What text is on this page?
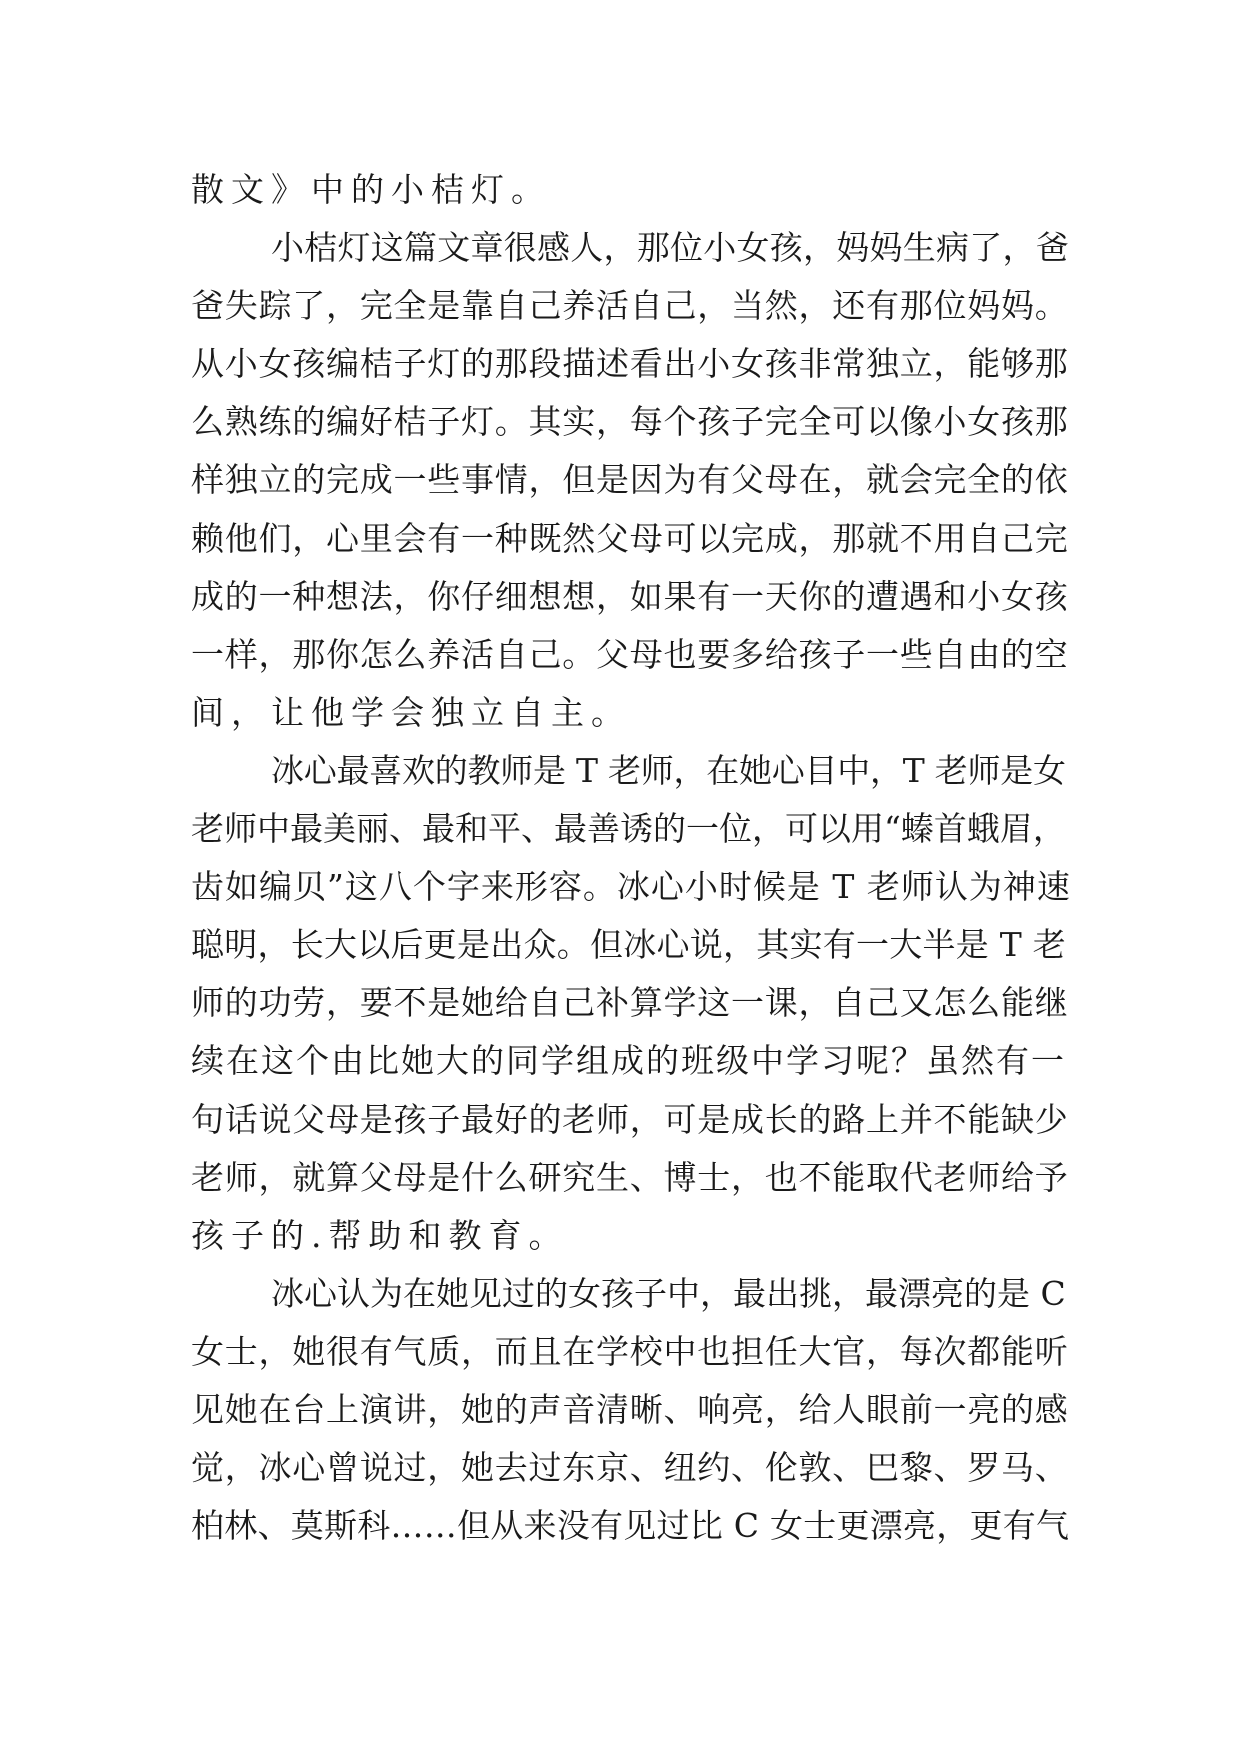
散文》中的小桔灯。
小桔灯这篇文章很感人，那位小女孩，妈妈生病了，爸
爸失踪了，完全是靠自己养活自己，当然，还有那位妈妈。
从小女孩编桔子灯的那段描述看出小女孩非常独立，能够那
么熟练的编好桔子灯。其实，每个孩子完全可以像小女孩那
样独立的完成一些事情，但是因为有父母在，就会完全的依
赖他们，心里会有一种既然父母可以完成，那就不用自己完
成的一种想法，你仔细想想，如果有一天你的遭遇和小女孩
一样，那你怎么养活自己。父母也要多给孩子一些自由的空
间，让他学会独立自主。
冰心最喜欢的教师是 T 老师，在她心目中，T 老师是女
老师中最美丽、最和平、最善诱的一位，可以用“螓首蛾眉，
齿如编贝”这八个字来形容。冰心小时候是 T 老师认为神速
聪明，长大以后更是出众。但冰心说，其实有一大半是 T 老
师的功劳，要不是她给自己补算学这一课，自己又怎么能继
续在这个由比她大的同学组成的班级中学习呢？虽然有一
句话说父母是孩子最好的老师，可是成长的路上并不能缺少
老师，就算父母是什么研究生、博士，也不能取代老师给予
孩子的.帮助和教育。
冰心认为在她见过的女孩子中，最出挑，最漂亮的是 C
女士，她很有气质，而且在学校中也担任大官，每次都能听
见她在台上演讲，她的声音清晰、响亮，给人眼前一亮的感
觉，冰心曾说过，她去过东京、纽约、伦敦、巴黎、罗马、
柏林、莫斯科……但从来没有见过比 C 女士更漂亮，更有气
